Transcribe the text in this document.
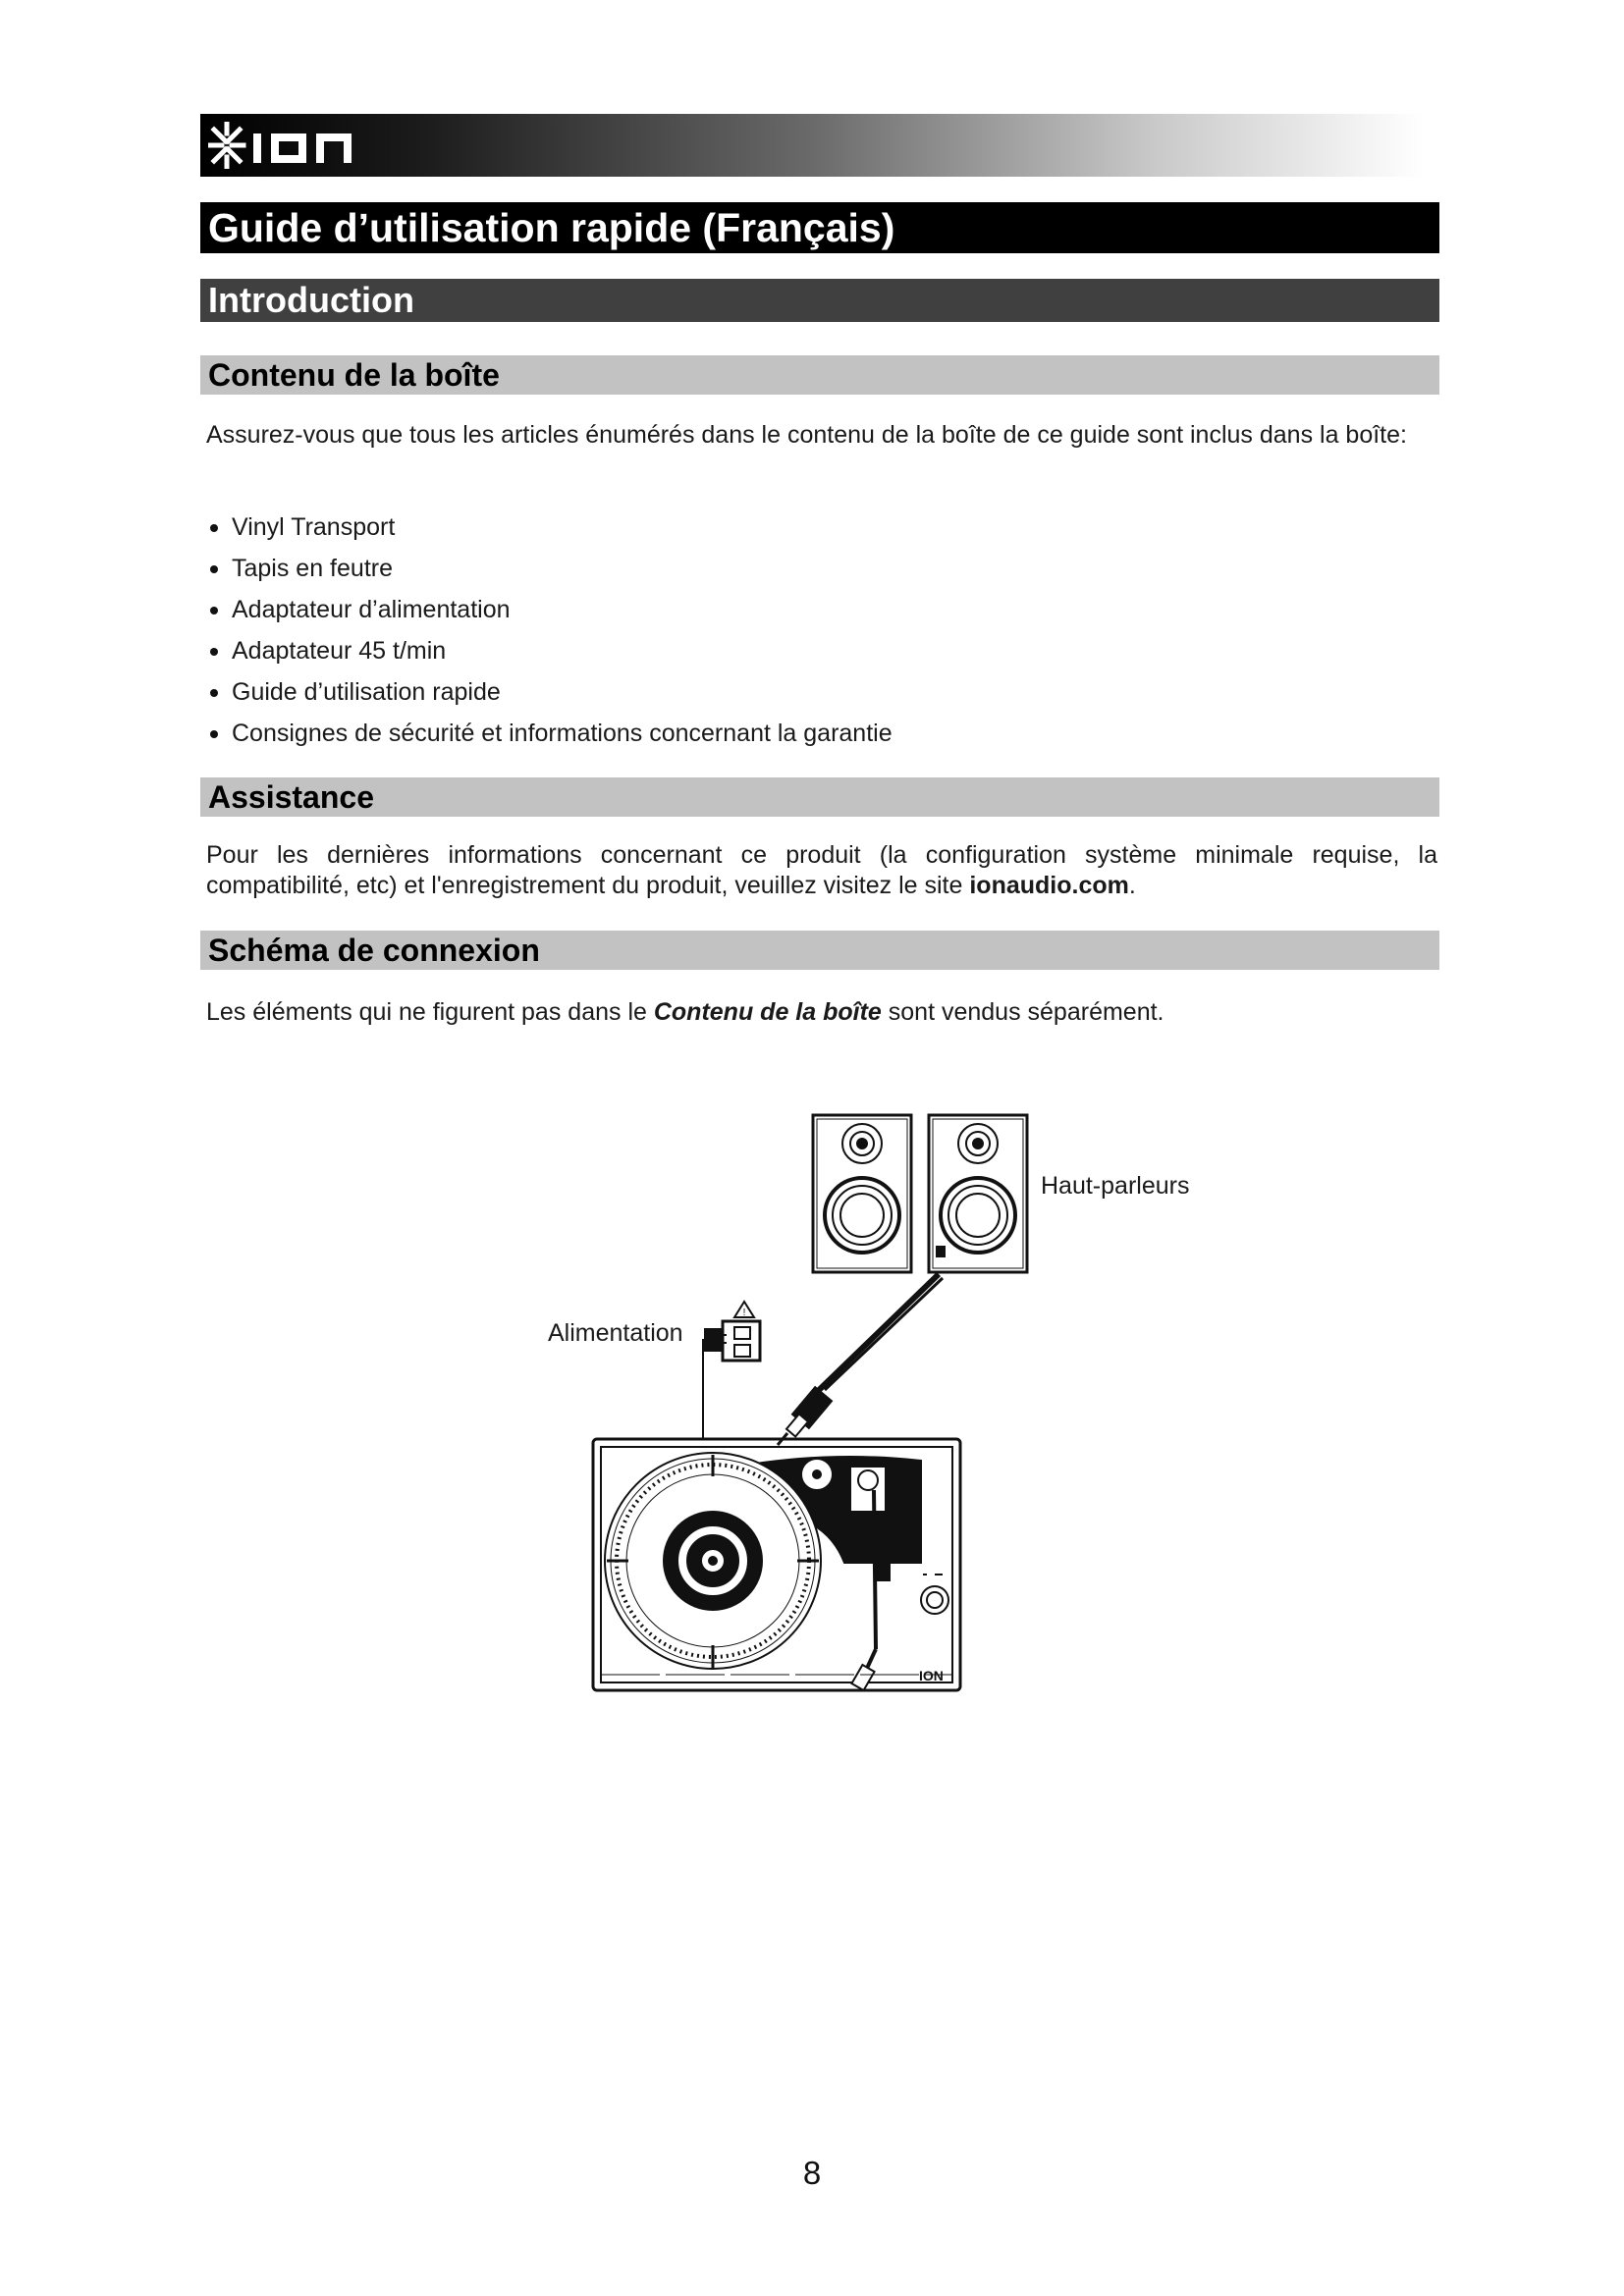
Guide d’utilisation rapide (Français)
Introduction
Contenu de la boîte
Assurez-vous que tous les articles énumérés dans le contenu de la boîte de ce guide sont inclus dans la boîte:
Vinyl Transport
Tapis en feutre
Adaptateur d’alimentation
Adaptateur 45 t/min
Guide d’utilisation rapide
Consignes de sécurité et informations concernant la garantie
Assistance
Pour les dernières informations concernant ce produit (la configuration système minimale requise, la compatibilité, etc) et l'enregistrement du produit, veuillez visitez le site ionaudio.com.
Schéma de connexion
Les éléments qui ne figurent pas dans le Contenu de la boîte sont vendus séparément.
!
ION
Haut-parleurs
Alimentation
8
